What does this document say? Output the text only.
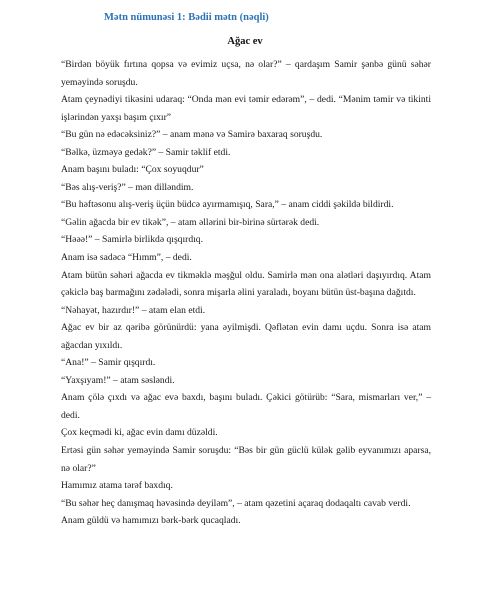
Mətn nümunəsi 1: Bədii mətn (nəqli)
Ağac ev

“Birdən böyük fırtına qopsa və evimiz uçsa, nə olar?” – qardaşım Samir şənbə günü səhər yeməyində soruşdu.

Atam çeynədiyi tikəsini udaraq: “Onda mən evi təmir edərəm”, – dedi. “Mənim təmir və tikinti işlərindən yaxşı başım çıxır”

“Bu gün nə edəcəksiniz?” – anam mənə və Samirə baxaraq soruşdu.

“Bəlkə, üzməyə gedək?” – Samir təklif etdi.

Anam başını buladı: “Çox soyuqdur”

“Bəs alış-veriş?” – mən dilləndim.

“Bu həftəsonu alış-veriş üçün büdcə ayırmamışıq, Sara,” – anam ciddi şəkildə bildirdi.

“Gəlin ağacda bir ev tikək”, – atam əllərini bir-birinə sürtərək dedi.

“Həəə!” – Samirlə birlikdə qışqırdıq.

Anam isə sadəcə “Hımm”, – dedi.

Atam bütün səhəri ağacda ev tikməklə məşğul oldu. Samirlə mən ona alətləri daşıyırdıq. Atam çəkiclə baş barmağını zədələdi, sonra mişarla əlini yaraladı, boyanı bütün üst-başına dağıtdı.

“Nəhayət, hazırdır!” – atam elan etdi.

Ağac ev bir az qəribə görünürdü: yana əyilmişdi. Qəflətən evin damı uçdu. Sonra isə atam ağacdan yıxıldı.

“Ana!” – Samir qışqırdı.

“Yaxşıyam!” – atam səsləndi.

Anam çölə çıxdı və ağac evə baxdı, başını buladı. Çəkici götürüb: “Sara, mismarları ver,” – dedi.

Çox keçmədi ki, ağac evin damı düzəldi.

Ertəsi gün səhər yeməyində Samir soruşdu: “Bəs bir gün güclü külək gəlib eyvanımızı aparsa, nə olar?”

Hamımız atama tərəf baxdıq.

“Bu səhər heç danışmaq həvəsində deyiləm”, – atam qəzetini açaraq dodaqaltı cavab verdi.

Anam güldü və hamımızı bərk-bərk qucaqladı.
